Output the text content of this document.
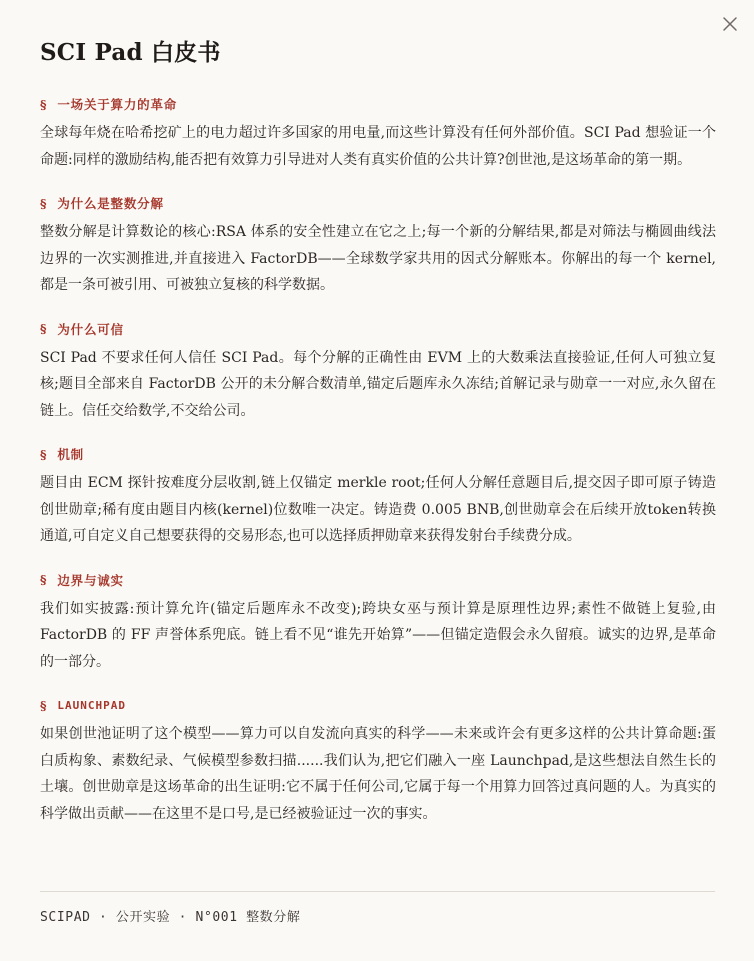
SCI Pad 白皮书
§ 一场关于算力的革命

全球每年烧在哈希挖矿上的电力超过许多国家的用电量,而这些计算没有任何外部价值。SCI Pad 想验证一个命题:同样的激励结构,能否把有效算力引导进对人类有真实价值的公共计算?创世池,是这场革命的第一期。

§ 为什么是整数分解

整数分解是计算数论的核心:RSA 体系的安全性建立在它之上;每一个新的分解结果,都是对筛法与椭圆曲线法边界的一次实测推进,并直接进入 FactorDB——全球数学家共用的因式分解账本。你解出的每一个 kernel,都是一条可被引用、可被独立复核的科学数据。

§ 为什么可信

SCI Pad 不要求任何人信任 SCI Pad。每个分解的正确性由 EVM 上的大数乘法直接验证,任何人可独立复核;题目全部来自 FactorDB 公开的未分解合数清单,锚定后题库永久冻结;首解记录与勋章一一对应,永久留在链上。信任交给数学,不交给公司。

§ 机制

题目由 ECM 探针按难度分层收割,链上仅锚定 merkle root;任何人分解任意题目后,提交因子即可原子铸造创世勋章;稀有度由题目内核(kernel)位数唯一决定。铸造费 0.005 BNB,创世勋章会在后续开放token转换通道,可自定义自己想要获得的交易形态,也可以选择质押勋章来获得发射台手续费分成。

§ 边界与诚实

我们如实披露:预计算允许(锚定后题库永不改变);跨块女巫与预计算是原理性边界;素性不做链上复验,由 FactorDB 的 FF 声誉体系兜底。链上看不见“谁先开始算”——但锚定造假会永久留痕。诚实的边界,是革命的一部分。

§ LAUNCHPAD

如果创世池证明了这个模型——算力可以自发流向真实的科学——未来或许会有更多这样的公共计算命题:蛋白质构象、素数纪录、气候模型参数扫描......我们认为,把它们融入一座 Launchpad,是这些想法自然生长的土壤。创世勋章是这场革命的出生证明:它不属于任何公司,它属于每一个用算力回答过真问题的人。为真实的科学做出贡献——在这里不是口号,是已经被验证过一次的事实。

SCIPAD · 公开实验 · N°001 整数分解
